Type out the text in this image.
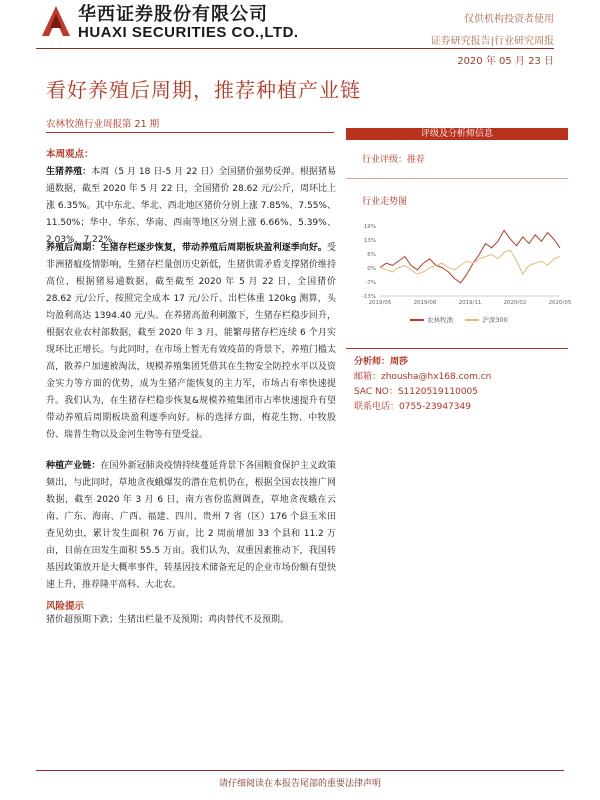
华西证券股份有限公司
HUAXI SECURITIES CO.,LTD.
仅供机构投资者使用
证券研究报告|行业研究周报
2020 年 05 月 23 日
看好养殖后周期，推荐种植产业链
农林牧渔行业周报第 21 期
本周观点：
生猪养殖：本周（5 月 18 日-5 月 22 日）全国猪价强势反弹。根据猪易通数据，截至 2020 年 5 月 22 日，全国猪价 28.62 元/公斤，周环比上涨 6.35%。其中东北、华北、西北地区猪价分别上涨 7.85%、7.55%、11.50%；华中、华东、华南、西南等地区分别上涨 6.66%、5.39%、2.03%、7.22%。
养殖后周期：生猪存栏逐步恢复，带动养殖后周期板块盈利逐季向好。受非洲猪瘟疫情影响，生猪存栏量创历史新低，生猪供需矛盾支撑猪价维持高位，根据猪易通数据，截至截至 2020 年 5 月 22 日，全国猪价 28.62 元/公斤，按照完全成本 17 元/公斤、出栏体重 120kg 测算，头均盈利高达 1394.40 元/头。在养猪高盈利刺激下，生猪存栏稳步回升，根据农业农村部数据，截至 2020 年 3 月，能繁母猪存栏连续 6 个月实现环比正增长。与此同时，在市场上暂无有效疫苗的背景下，养殖门槛太高，散养户加速被淘汰，规模养殖集团凭借其在生物安全防控水平以及资金实力等方面的优势，成为生猪产能恢复的主力军，市场占有率快速提升。我们认为，在生猪存栏稳步恢复&规模养殖集团市占率快速提升有望带动养殖后周期板块盈利逐季向好。标的选择方面，梅花生物、中牧股份、瑞普生物以及金河生物等有望受益。
种植产业链：在国外新冠肺炎疫情持续蔓延背景下各国粮食保护主义政策频出，与此同时，草地贪夜蛾爆发的潜在危机仍在，根据全国农技推广网数据，截至 2020 年 3 月 6 日，南方省份监测调查，草地贪夜蛾在云南、广东、海南、广西、福建、四川、贵州 7 省（区）176 个县玉米田查见幼虫，累计发生面积 76 万亩，比 2 周前增加 33 个县和 11.2 万亩，目前在田发生面积 55.5 万亩。我们认为，双重因素推动下，我国转基因政策放开是大概率事件，转基因技术储备充足的企业市场份额有望快速上升，推荐隆平高科、大北农。
风险提示
猪价超预期下跌；生猪出栏量不及预期；鸡肉替代不及预期。
评级及分析师信息
行业评级：推荐
行业走势图
19%
13%
6%
0%
-7%
-13%
2019/05	2019/08	2019/11	2020/02	2020/05
农林牧渔	沪深300
分析师：周莎
邮箱：zhousha@hx168.com.cn
SAC NO：S1120519110005
联系电话：0755-23947349
请仔细阅读在本报告尾部的重要法律声明
